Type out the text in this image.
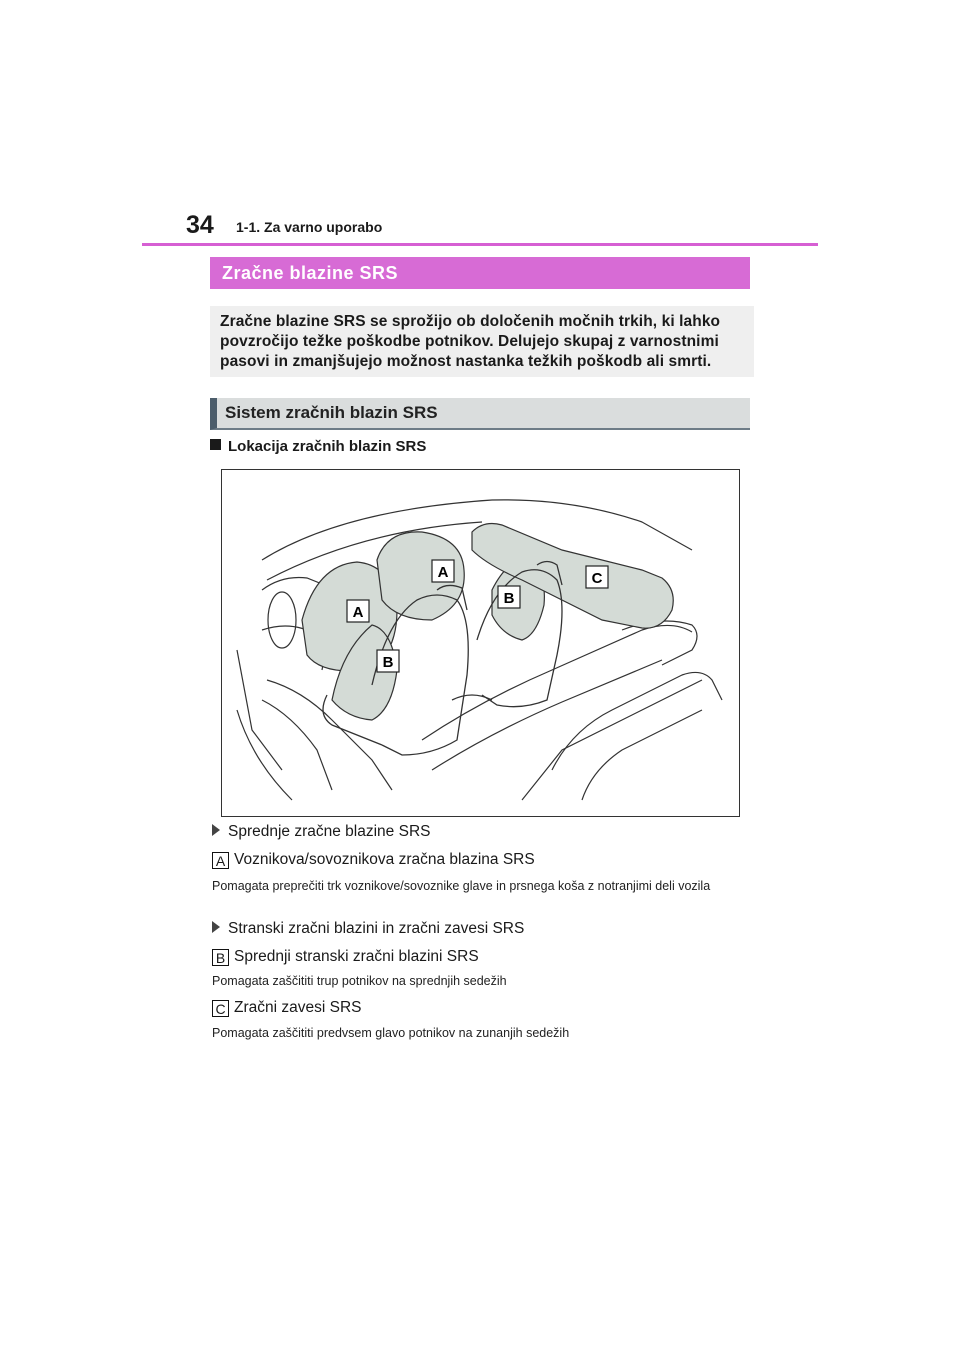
34 1-1. Za varno uporabo
Zračne blazine SRS
Zračne blazine SRS se sprožijo ob določenih močnih trkih, ki lahko povzročijo težke poškodbe potnikov. Delujejo skupaj z varnostnimi pasovi in zmanjšujejo možnost nastanka težkih poškodb ali smrti.
Sistem zračnih blazin SRS
Lokacija zračnih blazin SRS
A
A
B
B
C
Sprednje zračne blazine SRS
A Voznikova/sovoznikova zračna blazina SRS
Pomagata preprečiti trk voznikove/sovoznike glave in prsnega koša z notranjimi deli vozila
Stranski zračni blazini in zračni zavesi SRS
B Sprednji stranski zračni blazini SRS
Pomagata zaščititi trup potnikov na sprednjih sedežih
C Zračni zavesi SRS
Pomagata zaščititi predvsem glavo potnikov na zunanjih sedežih
